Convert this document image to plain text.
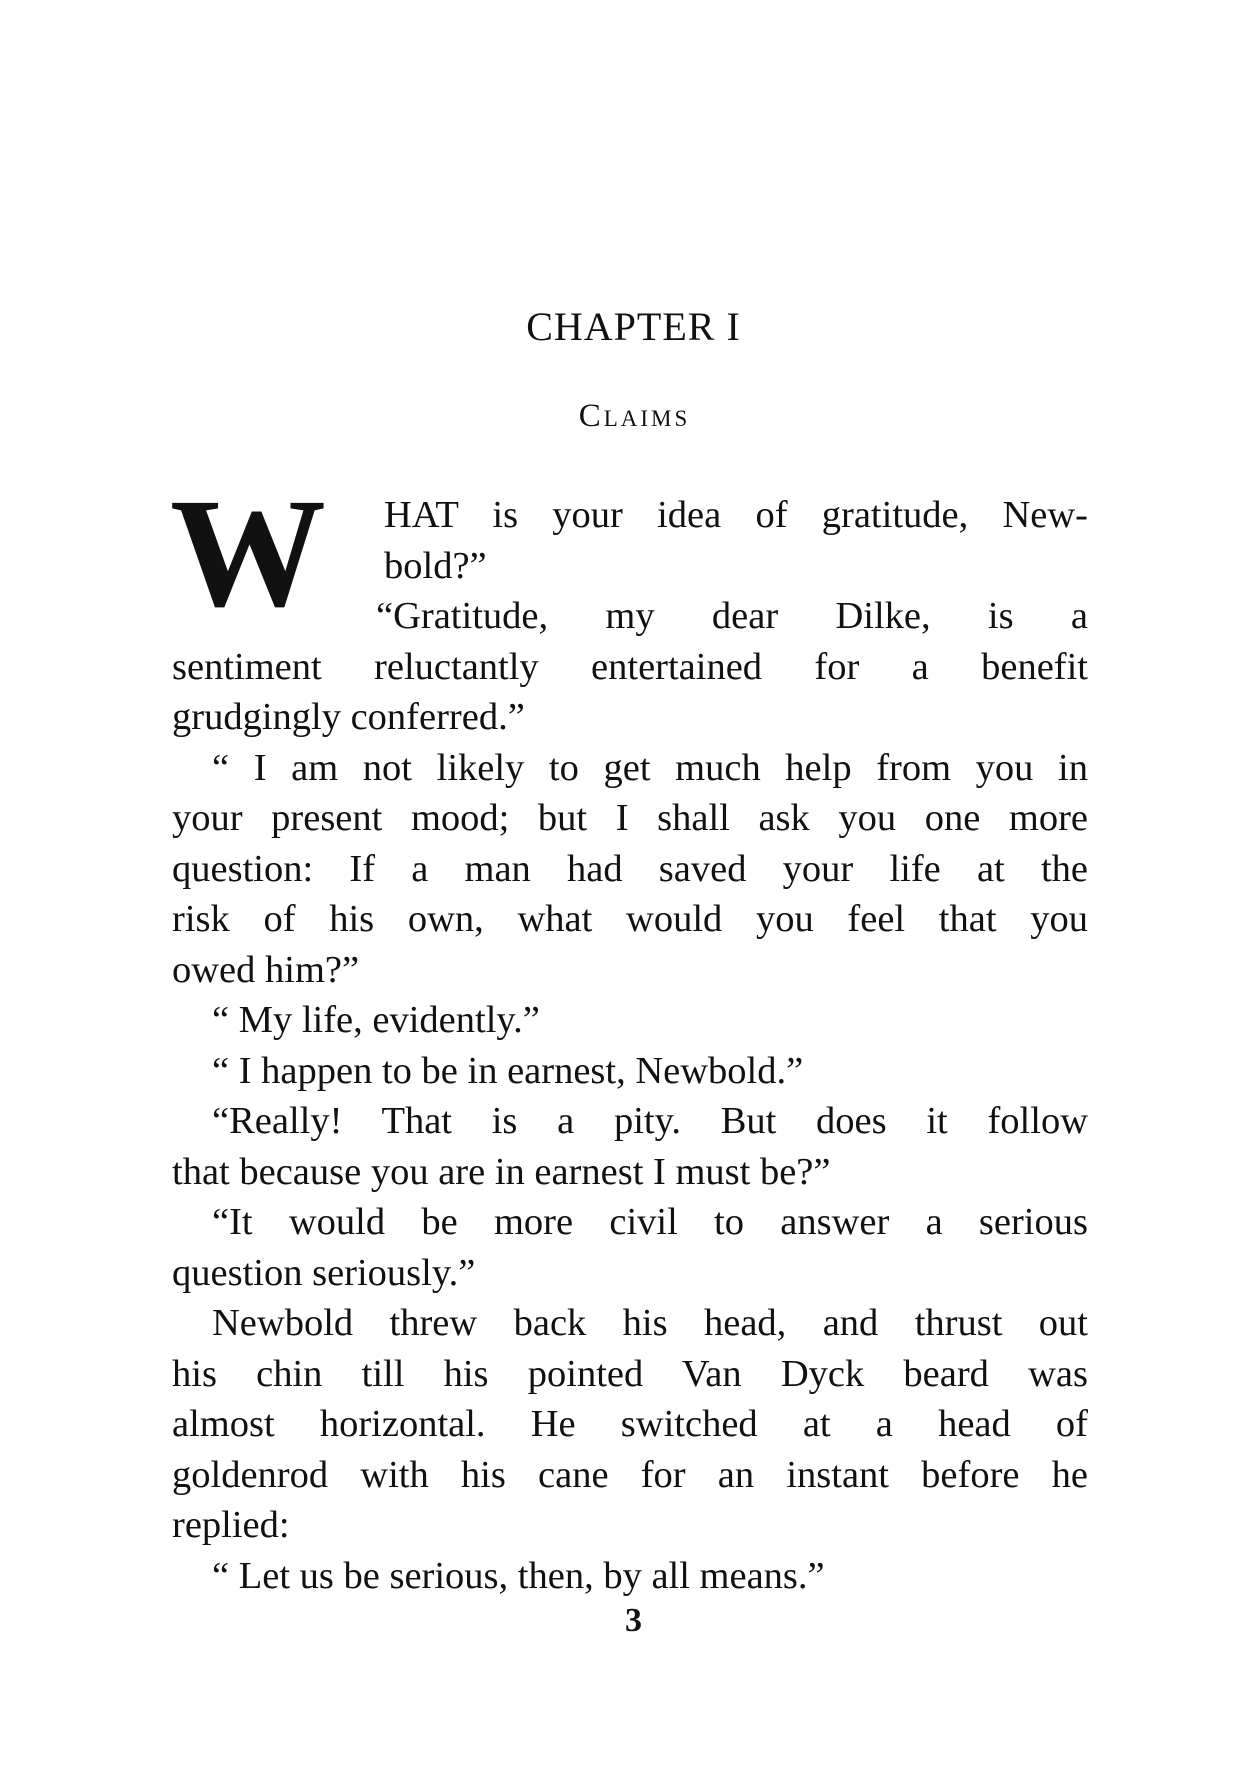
CHAPTER I
Claims
W	HAT is your idea of gratitude, New-
bold?”
“Gratitude, my dear Dilke, is a
sentiment reluctantly entertained for a benefit
grudgingly conferred.”
“ I am not likely to get much help from you in
your present mood; but I shall ask you one more
question: If a man had saved your life at the
risk of his own, what would you feel that you
owed him?”
“ My life, evidently.”
“ I happen to be in earnest, Newbold.”
“Really! That is a pity. But does it follow
that because you are in earnest I must be?”
“It would be more civil to answer a serious
question seriously.”
Newbold threw back his head, and thrust out
his chin till his pointed Van Dyck beard was
almost horizontal. He switched at a head of
goldenrod with his cane for an instant before he
replied:
“ Let us be serious, then, by all means.”
3
